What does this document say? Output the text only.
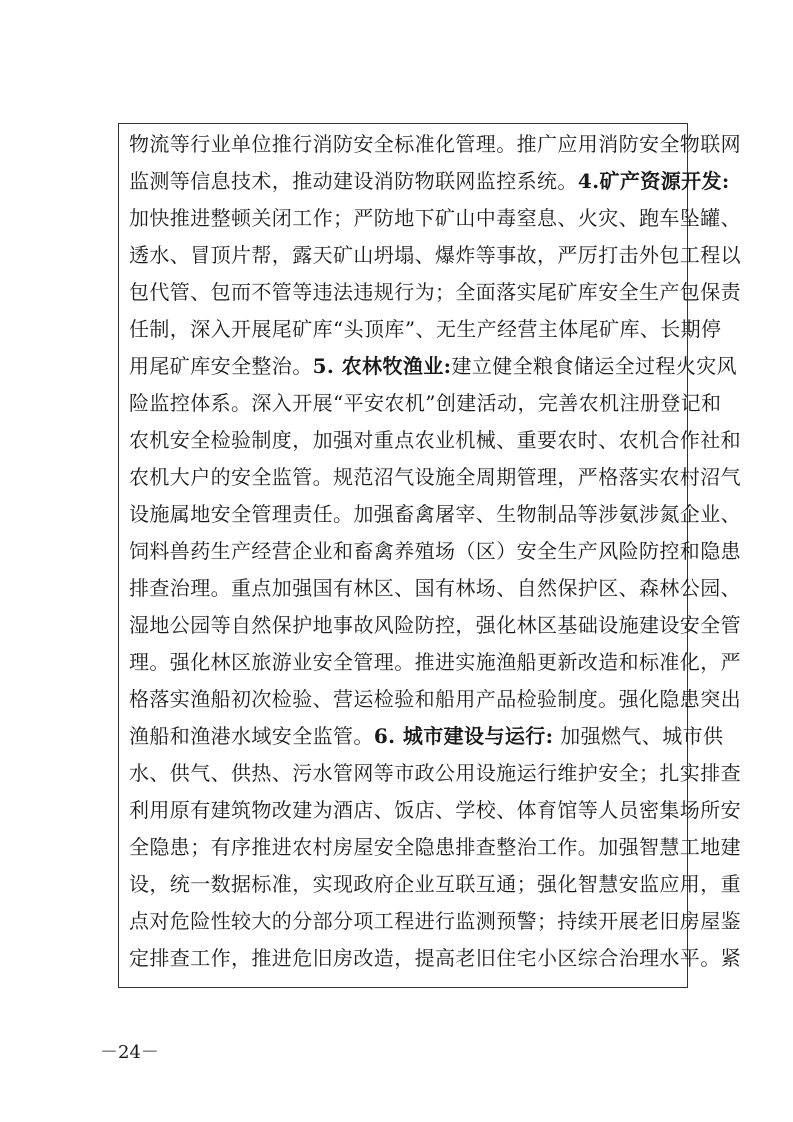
物流等行业单位推行消防安全标准化管理。推广应用消防安全物联网
监测等信息技术，推动建设消防物联网监控系统。4.矿产资源开发:
加快推进整顿关闭工作；严防地下矿山中毒窒息、火灾、跑车坠罐、
透水、冒顶片帮，露天矿山坍塌、爆炸等事故，严厉打击外包工程以
包代管、包而不管等违法违规行为；全面落实尾矿库安全生产包保责
任制，深入开展尾矿库“头顶库”、无生产经营主体尾矿库、长期停
用尾矿库安全整治。5. 农林牧渔业:建立健全粮食储运全过程火灾风
险监控体系。深入开展“平安农机”创建活动，完善农机注册登记和
农机安全检验制度，加强对重点农业机械、重要农时、农机合作社和
农机大户的安全监管。规范沼气设施全周期管理，严格落实农村沼气
设施属地安全管理责任。加强畜禽屠宰、生物制品等涉氨涉氮企业、
饲料兽药生产经营企业和畜禽养殖场（区）安全生产风险防控和隐患
排查治理。重点加强国有林区、国有林场、自然保护区、森林公园、
湿地公园等自然保护地事故风险防控，强化林区基础设施建设安全管
理。强化林区旅游业安全管理。推进实施渔船更新改造和标准化，严
格落实渔船初次检验、营运检验和船用产品检验制度。强化隐患突出
渔船和渔港水域安全监管。6. 城市建设与运行: 加强燃气、城市供
水、供气、供热、污水管网等市政公用设施运行维护安全；扎实排查
利用原有建筑物改建为酒店、饭店、学校、体育馆等人员密集场所安
全隐患；有序推进农村房屋安全隐患排查整治工作。加强智慧工地建
设，统一数据标准，实现政府企业互联互通；强化智慧安监应用，重
点对危险性较大的分部分项工程进行监测预警；持续开展老旧房屋鉴
定排查工作，推进危旧房改造，提高老旧住宅小区综合治理水平。紧
－24－
